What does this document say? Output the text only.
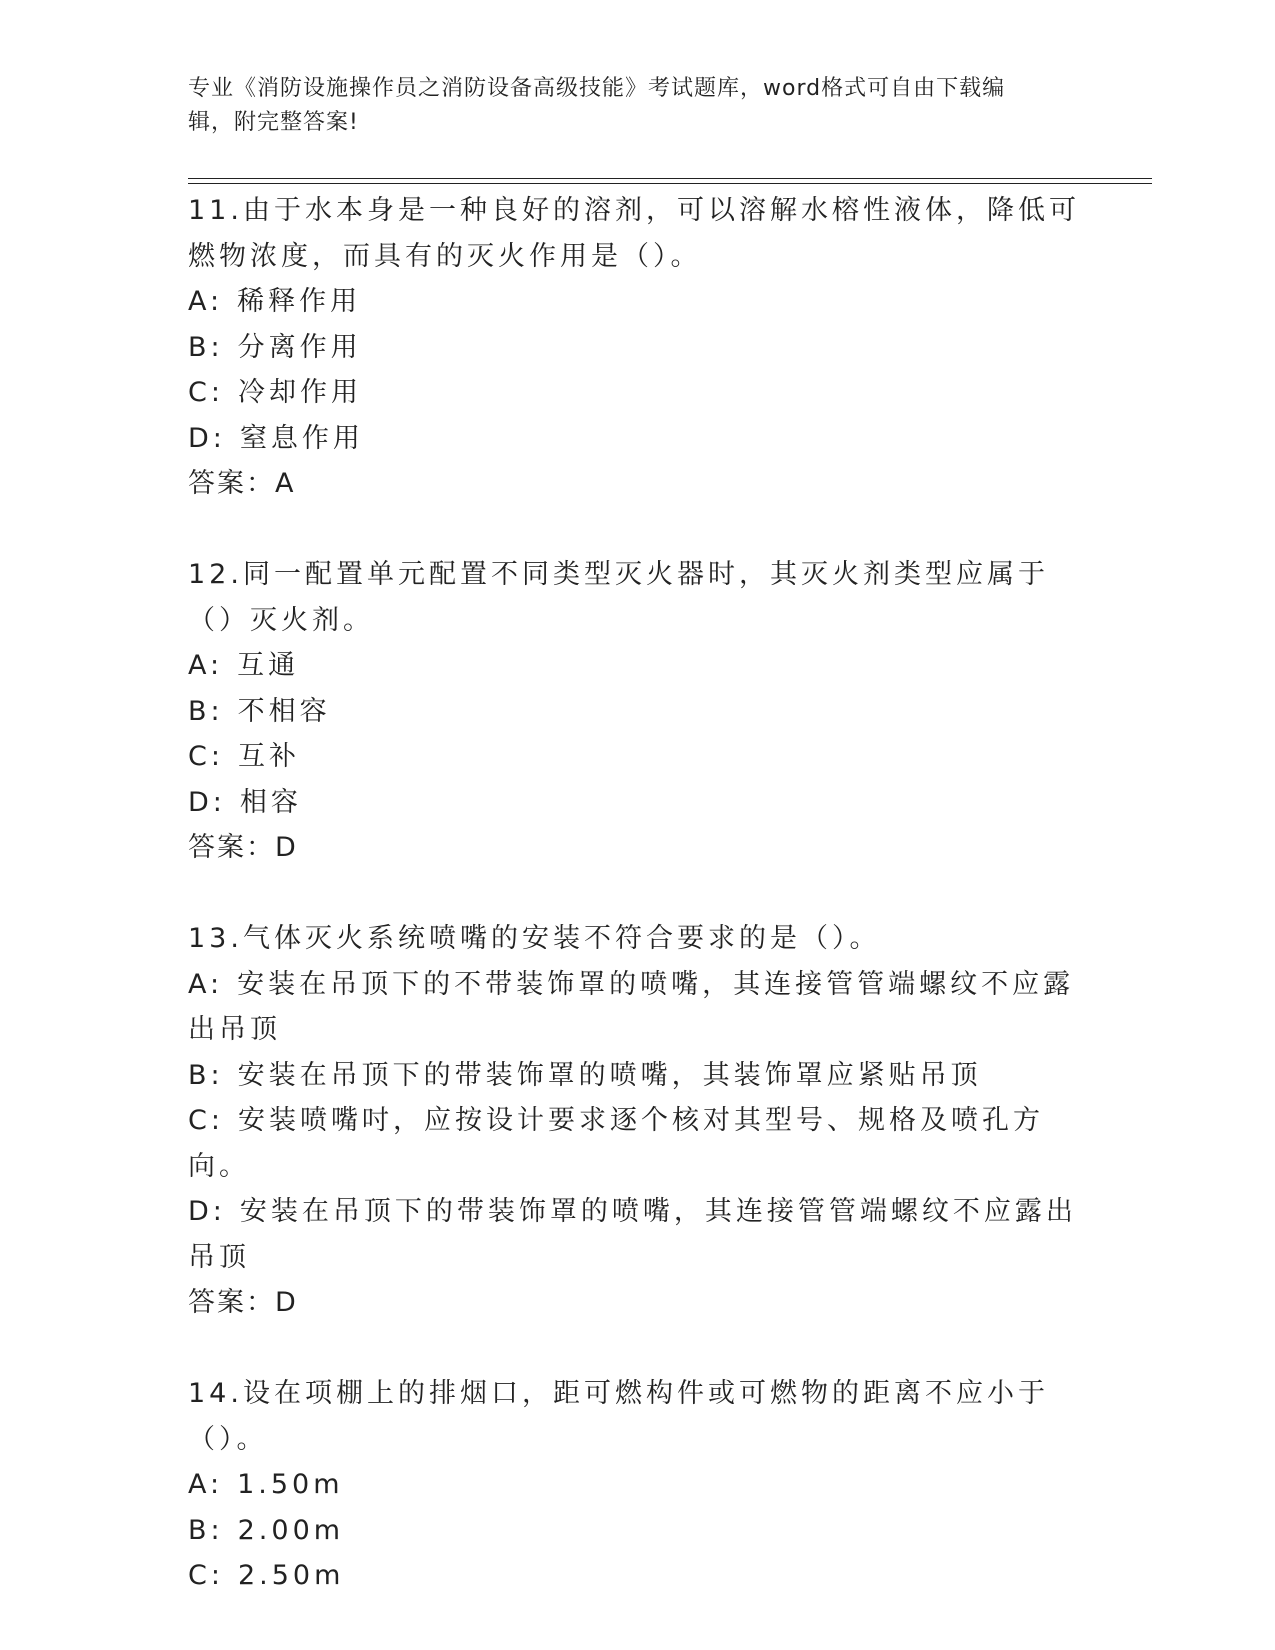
专业《消防设施操作员之消防设备高级技能》考试题库，word格式可自由下载编
辑，附完整答案!

11.由于水本身是一种良好的溶剂，可以溶解水榕性液体，降低可燃物浓度，而具有的灭火作用是（）。

A: 稀释作用

B: 分离作用

C: 冷却作用

D: 窒息作用

答案：A

12.同一配置单元配置不同类型灭火器时，其灭火剂类型应属于（）灭火剂。

A: 互通

B: 不相容

C: 互补

D: 相容

答案：D

13.气体灭火系统喷嘴的安装不符合要求的是（）。

A: 安装在吊顶下的不带装饰罩的喷嘴，其连接管管端螺纹不应露出吊顶

B: 安装在吊顶下的带装饰罩的喷嘴，其装饰罩应紧贴吊顶

C: 安装喷嘴吋，应按设计要求逐个核对其型号、规格及喷孔方向。

D: 安装在吊顶下的带装饰罩的喷嘴，其连接管管端螺纹不应露出吊顶

答案：D

14.设在项棚上的排烟口，距可燃构件或可燃物的距离不应小于（）。

A: 1.50m

B: 2.00m

C: 2.50m
